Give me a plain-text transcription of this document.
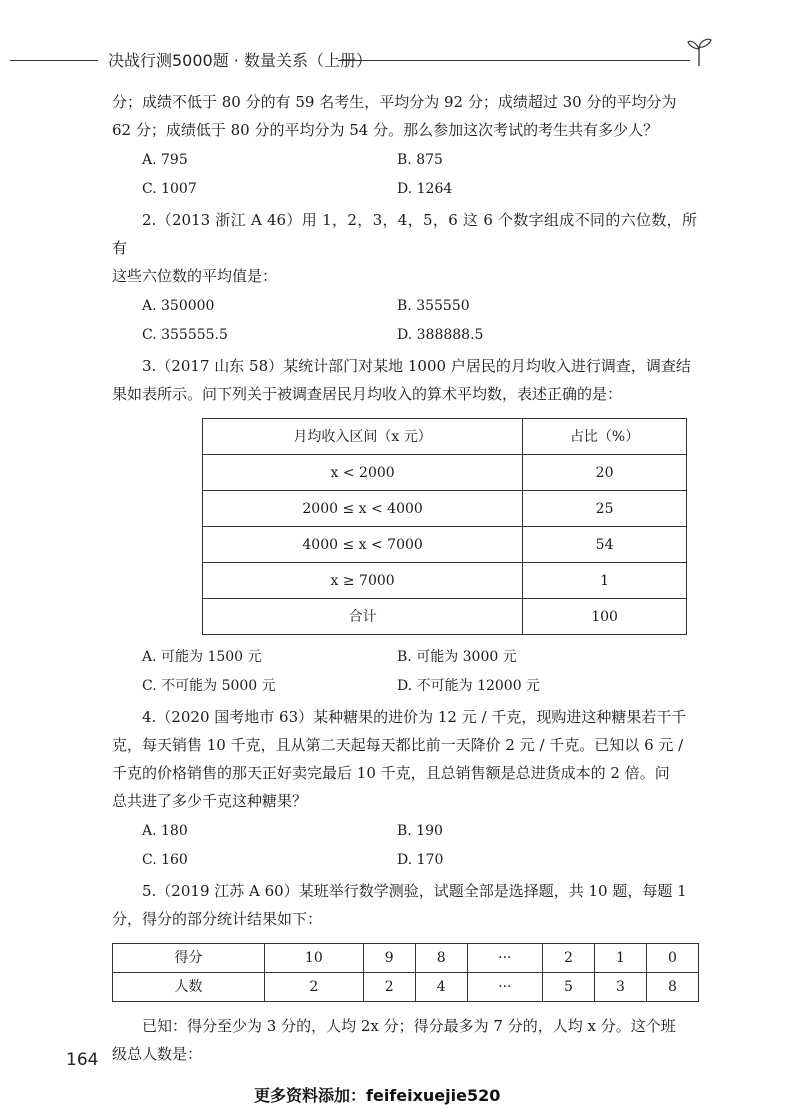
决战行测5000题 · 数量关系（上册）

分；成绩不低于 80 分的有 59 名考生，平均分为 92 分；成绩超过 30 分的平均分为

62 分；成绩低于 80 分的平均分为 54 分。那么参加这次考试的考生共有多少人？

A. 795	B. 875
C. 1007	D. 1264

2.（2013 浙江 A 46）用 1，2，3，4，5，6 这 6 个数字组成不同的六位数，所有

这些六位数的平均值是：

A. 350000	B. 355550
C. 355555.5	D. 388888.5

3.（2017 山东 58）某统计部门对某地 1000 户居民的月均收入进行调查，调查结

果如表所示。问下列关于被调查居民月均收入的算术平均数，表述正确的是：

月均收入区间（x 元）	占比（%）
x < 2000	20
2000 ≤ x < 4000	25
4000 ≤ x < 7000	54
x ≥ 7000	1
合计	100
A. 可能为 1500 元	B. 可能为 3000 元
C. 不可能为 5000 元	D. 不可能为 12000 元

4.（2020 国考地市 63）某种糖果的进价为 12 元 / 千克，现购进这种糖果若干千

克，每天销售 10 千克，且从第二天起每天都比前一天降价 2 元 / 千克。已知以 6 元 /

千克的价格销售的那天正好卖完最后 10 千克，且总销售额是总进货成本的 2 倍。问

总共进了多少千克这种糖果？

A. 180	B. 190
C. 160	D. 170

5.（2019 江苏 A 60）某班举行数学测验，试题全部是选择题，共 10 题，每题 1

分，得分的部分统计结果如下：

得分	10	9	8	···	2	1	0
人数	2	2	4	···	5	3	8

已知：得分至少为 3 分的，人均 2x 分；得分最多为 7 分的，人均 x 分。这个班

级总人数是：

164
更多资料添加：feifeixuejie520
